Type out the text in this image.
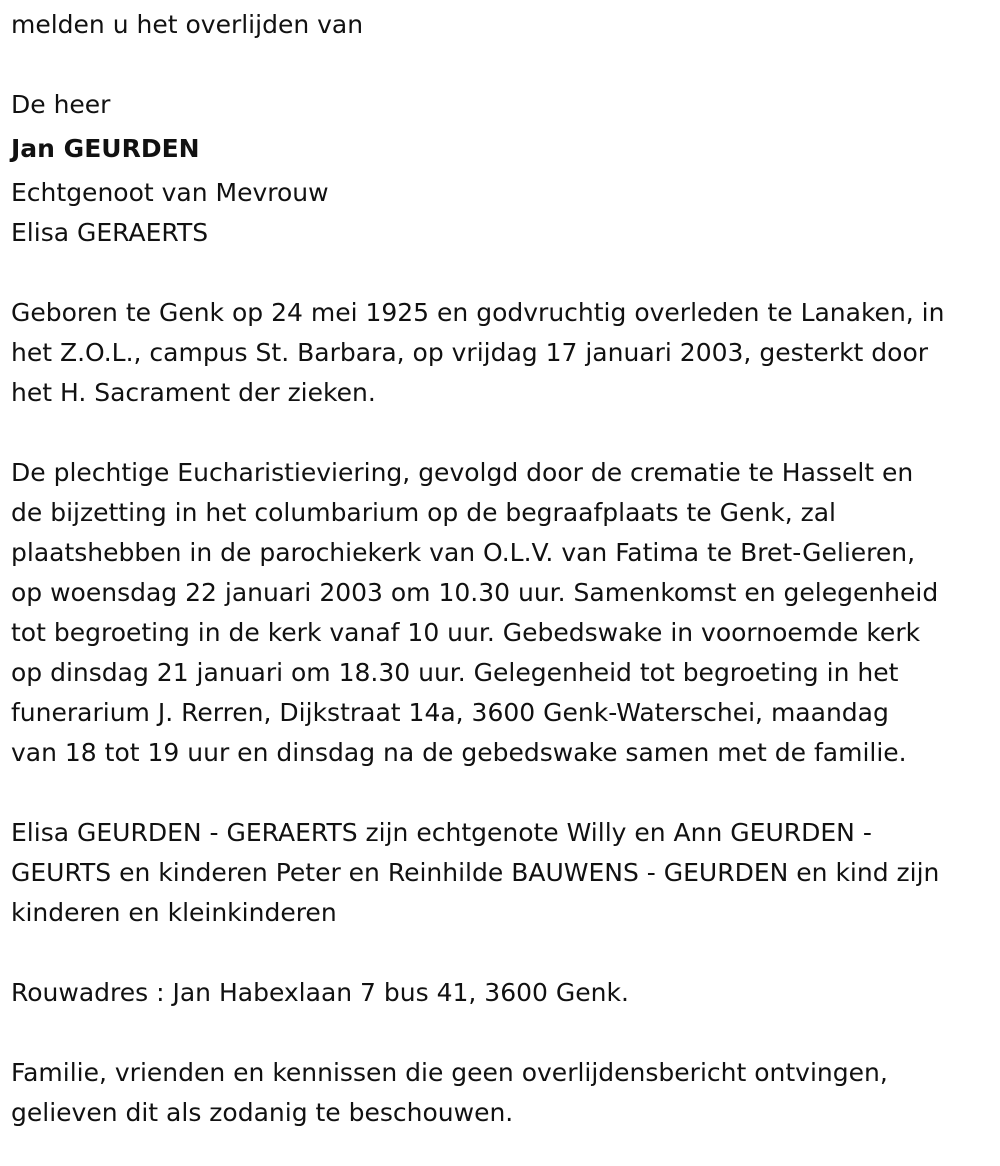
melden u het overlijden van

De heer

Jan GEURDEN

Echtgenoot van Mevrouw

Elisa GERAERTS

Geboren te Genk op 24 mei 1925 en godvruchtig overleden te Lanaken, in

het Z.O.L., campus St. Barbara, op vrijdag 17 januari 2003, gesterkt door

het H. Sacrament der zieken.

De plechtige Eucharistieviering, gevolgd door de crematie te Hasselt en

de bijzetting in het columbarium op de begraafplaats te Genk, zal

plaatshebben in de parochiekerk van O.L.V. van Fatima te Bret-Gelieren,

op woensdag 22 januari 2003 om 10.30 uur. Samenkomst en gelegenheid

tot begroeting in de kerk vanaf 10 uur. Gebedswake in voornoemde kerk

op dinsdag 21 januari om 18.30 uur. Gelegenheid tot begroeting in het

funerarium J. Rerren, Dijkstraat 14a, 3600 Genk-Waterschei, maandag

van 18 tot 19 uur en dinsdag na de gebedswake samen met de familie.

Elisa GEURDEN - GERAERTS zijn echtgenote Willy en Ann GEURDEN -

GEURTS en kinderen Peter en Reinhilde BAUWENS - GEURDEN en kind zijn

kinderen en kleinkinderen

Rouwadres : Jan Habexlaan 7 bus 41, 3600 Genk.

Familie, vrienden en kennissen die geen overlijdensbericht ontvingen,

gelieven dit als zodanig te beschouwen.
